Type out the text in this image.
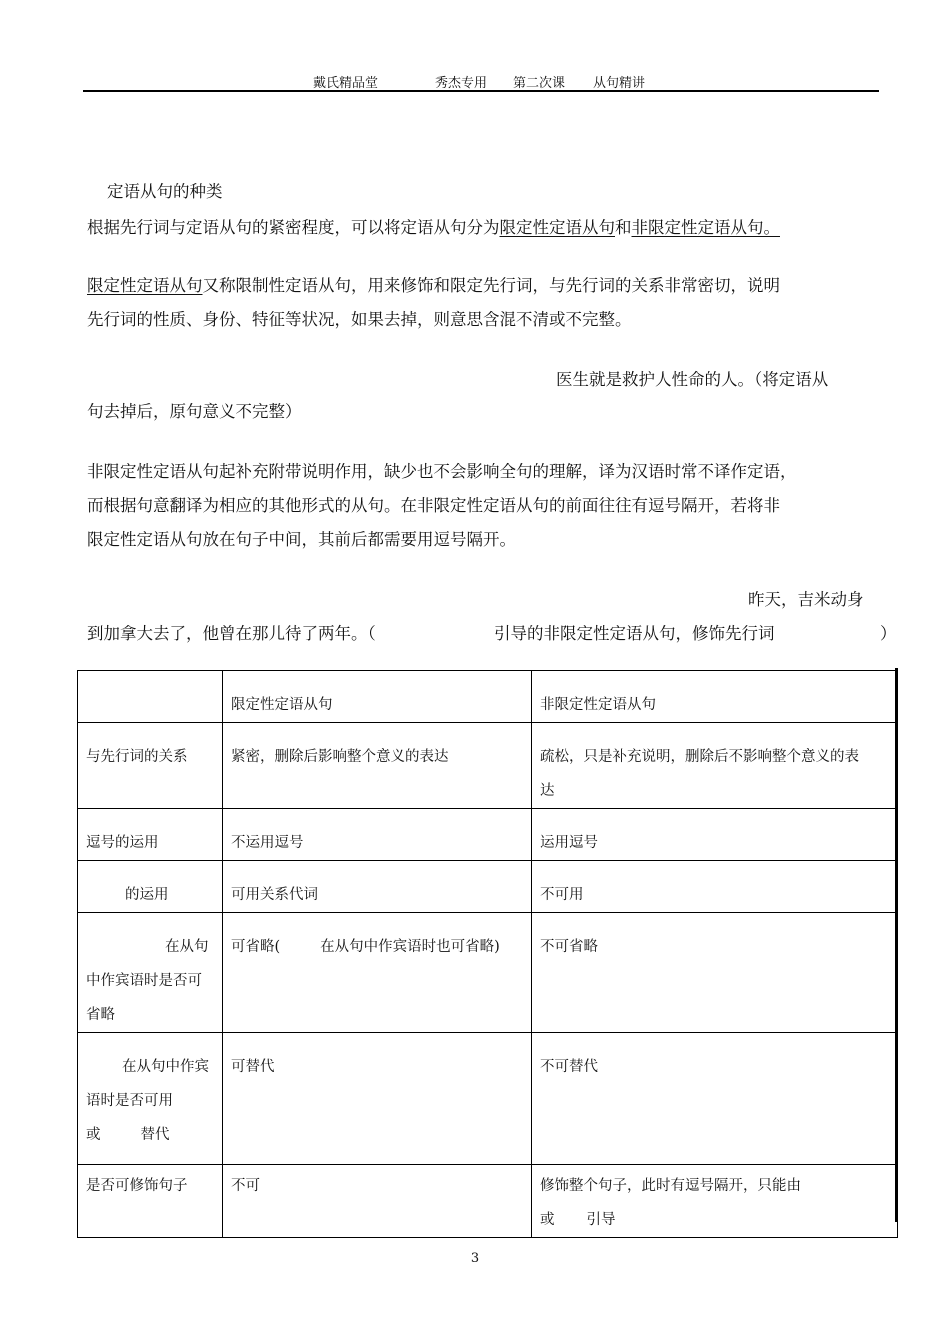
戴氏精品堂	秀杰专用 第二次课 从句精讲
定语从句的种类
根据先行词与定语从句的紧密程度，可以将定语从句分为限定性定语从句和非限定性定语从句。
限定性定语从句又称限制性定语从句，用来修饰和限定先行词，与先行词的关系非常密切，说明
先行词的性质、身份、特征等状况，如果去掉，则意思含混不清或不完整。
医生就是救护人性命的人。（将定语从
句去掉后，原句意义不完整）
非限定性定语从句起补充附带说明作用，缺少也不会影响全句的理解，译为汉语时常不译作定语，
而根据句意翻译为相应的其他形式的从句。在非限定性定语从句的前面往往有逗号隔开，若将非
限定性定语从句放在句子中间，其前后都需要用逗号隔开。
昨天，吉米动身
到加拿大去了，他曾在那儿待了两年。（	引导的非限定性定语从句，修饰先行词	）
	限定性定语从句	非限定性定语从句

与先行词的关系	紧密，删除后影响整个意义的表达	疏松，只是补充说明，删除后不影响整个意义的表
达

逗号的运用	不运用逗号	运用逗号

的运用	可用关系代词	不可用

在从句
中作宾语时是否可
省略	可省略( 在从句中作宾语时也可省略)	不可省略

在从句中作宾
语时是否可用
或 替代	可替代	不可替代

是否可修饰句子	不可	修饰整个句子，此时有逗号隔开，只能由
或 引导
3
